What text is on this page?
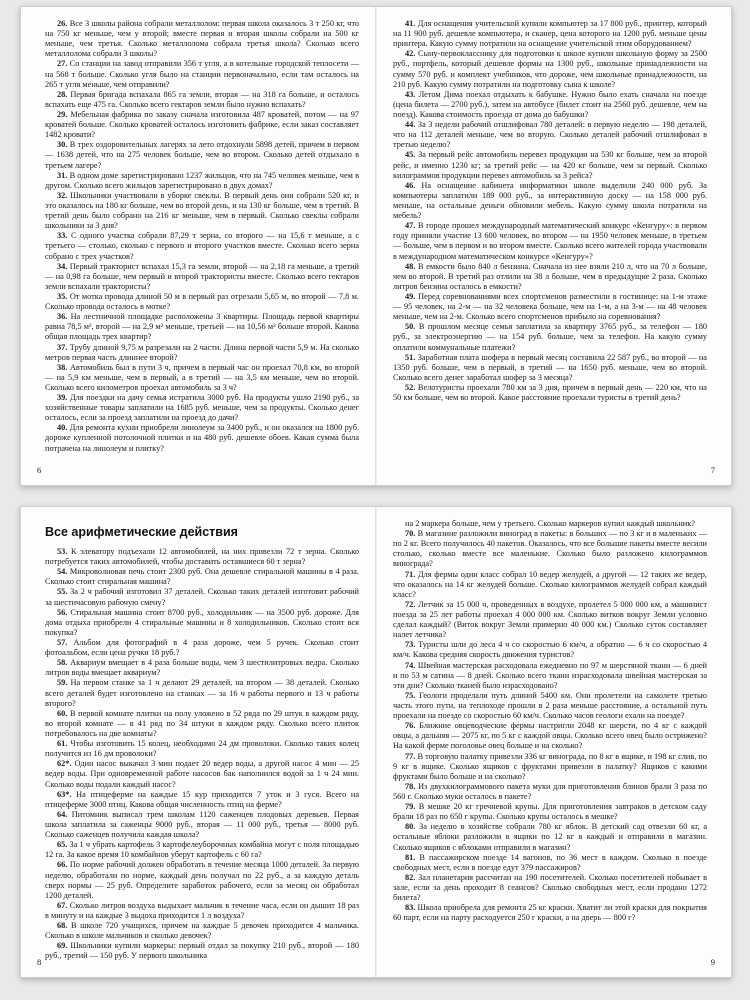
26. Все 3 школы района собрали металлолом: первая школа оказалось 3 т 250 кг, что на 750 кг меньше, чем у второй; вместе первая и вторая школы собрали на 500 кг меньше, чем третья. Сколько металлолома собрала третья школа? Сколько всего металлолома собрали 3 школы?

27. Со станции на завод отправили 356 т угля, а в котельные городской теплосети — на 568 т больше. Сколько угля было на станции первоначально, если там осталось на 265 т угля меньше, чем отправили?

28. Первая бригада вспахала 865 га земли, вторая — на 318 га больше, и осталось вспахать еще 475 га. Сколько всего гектаров земли было нужно вспахать?

29. Мебельная фабрика по заказу сначала изготовила 487 кроватей, потом — на 97 кроватей больше. Сколько кроватей осталось изготовить фабрике, если заказ составляет 1482 кровати?

30. В трех оздоровительных лагерях за лето отдохнули 5898 детей, причем в первом — 1638 детей, что на 275 человек больше, чем во втором. Сколько детей отдыхало в третьем лагере?

31. В одном доме зарегистрировано 1237 жильцов, что на 745 человек меньше, чем в другом. Сколько всего жильцов зарегистрировано в двух домах?

32. Школьники участвовали в уборке свеклы. В первый день они собрали 520 кг, и это оказалось на 180 кг больше, чем во второй день, и на 130 кг больше, чем в третий. В третий день было собрано на 216 кг меньше, чем в первый. Сколько свеклы собрали школьники за 3 дня?

33. С одного участка собрали 87,29 т зерна, со второго — на 15,6 т меньше, а с третьего — столько, сколько с первого и второго участков вместе. Сколько всего зерна собрано с трех участков?

34. Первый тракторист вспахал 15,3 га земли, второй — на 2,18 га меньше, а третий — на 0,98 га больше, чем первый и второй трактористы вместе. Сколько всего гектаров земли вспахали трактористы?

35. От мотка провода длиной 50 м в первый раз отрезали 5,65 м, во второй — 7,8 м. Сколько провода осталось в мотке?

36. На лестничной площадке расположены 3 квартиры. Площадь первой квартиры равна 78,5 м², второй — на 2,9 м² меньше, третьей — на 10,56 м² больше второй. Какова общая площадь трех квартир?

37. Трубу длиной 9,75 м разрезали на 2 части. Длина первой части 5,9 м. На сколько метров первая часть длиннее второй?

38. Автомобиль был в пути 3 ч, причем в первый час он проехал 70,8 км, во второй — на 5,9 км меньше, чем в первый, а в третий — на 3,5 км меньше, чем во второй. Сколько всего километров проехал автомобиль за 3 ч?

39. Для поездки на дачу семья истратила 3000 руб. На продукты ушло 2190 руб., за хозяйственные товары заплатили на 1685 руб. меньше, чем за продукты. Сколько денег осталось, если за проезд заплатили на проезд до дачи?

40. Для ремонта кухни приобрели линолеум за 3400 руб., и он оказался на 1800 руб. дороже купленной потолочной плитки и на 480 руб. дешевле обоев. Какая сумма была потрачена на линолеум и плитку?

6

41. Для оснащения учительской купили компьютер за 17 800 руб., принтер, который на 11 900 руб. дешевле компьютера, и сканер, цена которого на 1200 руб. меньше цены принтера. Какую сумму потратили на оснащение учительской этим оборудованием?

42. Сыну-первокласснику для подготовки к школе купили школьную форму за 2500 руб., портфель, который дешевле формы на 1300 руб., школьные принадлежности на сумму 570 руб. и комплект учебников, что дороже, чем школьные принадлежности, на 210 руб. Какую сумму потратили на подготовку сына к школе?

43. Летом Дима поехал отдыхать к бабушке. Нужно было ехать сначала на поезде (цена билета — 2700 руб.), затем на автобусе (билет стоит на 2560 руб. дешевле, чем на поезд). Какова стоимость проезда от дома до бабушки?

44. За 3 недели рабочий отшлифовал 780 деталей: в первую неделю — 198 деталей, что на 112 деталей меньше, чем во вторую. Сколько деталей рабочий отшлифовал в третью неделю?

45. За первый рейс автомобиль перевез продукции на 530 кг больше, чем за второй рейс, и именно 1230 кг; за третий рейс — на 420 кг больше, чем за первый. Сколько килограммов продукции перевез автомобиль за 3 рейса?

46. На оснащение кабинета информатики школе выделили 240 000 руб. За компьютеры заплатили 189 000 руб., за интерактивную доску — на 158 000 руб. меньше, на остальные деньги обновили мебель. Какую сумму школа потратила на мебель?

47. В городе прошел международный математический конкурс «Кенгуру»: в первом году приняли участие 13 600 человек, во втором — на 1950 человек меньше, в третьем — больше, чем в первом и во втором вместе. Сколько всего жителей города участвовали в международном математическом конкурсе «Кенгуру»?

48. В емкости было 840 л бензина. Сначала из нее взяли 210 л, что на 70 л больше, чем во второй. В третий раз отлили на 38 л больше, чем в предыдущие 2 раза. Сколько литров бензина осталось в емкости?

49. Перед соревнованиями всех спортсменов разместили в гостинице: на 1-м этаже — 95 человек, на 2-м — на 32 человека больше, чем на 1-м, а на 3-м — на 48 человек меньше, чем на 2-м. Сколько всего спортсменов прибыло на соревнования?

50. В прошлом месяце семья заплатила за квартиру 3765 руб., за телефон — 180 руб., за электроэнергию — на 154 руб. больше, чем за телефон. На какую сумму оплатили коммунальные платежи?

51. Заработная плата шофера в первый месяц составила 22 587 руб., во второй — на 1350 руб. больше, чем в первый, в третий — на 1650 руб. меньше, чем во второй. Сколько всего денег заработал шофер за 3 месяца?

52. Велотуристы проехали 780 км за 3 дня, причем в первый день — 220 км, что на 50 км больше, чем во второй. Какое расстояние проехали туристы в третий день?

7
Все арифметические действия

53. К элеватору подъехали 12 автомобилей, на них привезли 72 т зерна. Сколько потребуется таких автомобилей, чтобы доставить оставшиеся 60 т зерна?

54. Микроволновая печь стоит 2300 руб. Она дешевле стиральной машины в 4 раза. Сколько стоит стиральная машина?

55. За 2 ч рабочий изготовил 37 деталей. Сколько таких деталей изготовит рабочий за шестичасовую рабочую смену?

56. Стиральная машина стоит 8700 руб., холодильник — на 3500 руб. дороже. Для дома отдыха приобрели 4 стиральные машины и 8 холодильников. Сколько стоит вся покупка?

57. Альбом для фотографий в 4 раза дороже, чем 5 ручек. Сколько стоит фотоальбом, если цена ручки 18 руб.?

58. Аквариум вмещает в 4 раза больше воды, чем 3 шестилитровых ведра. Сколько литров воды вмещает аквариум?

59. На первом станке за 1 ч делают 29 деталей, на втором — 38 деталей. Сколько всего деталей будет изготовлено на станках — за 16 ч работы первого и 13 ч работы второго?

60. В первой комнате плитки на полу уложено в 52 ряда по 29 штук в каждом ряду, во второй комнате — в 41 ряд по 34 штуки в каждом ряду. Сколько всего плиток потребовалось на две комнаты?

61. Чтобы изготовить 15 колец, необходимо 24 дм проволоки. Сколько таких колец получится из 16 дм проволоки?

62*. Один насос выкачал 3 мин подает 20 ведер воды, а другой насос 4 мин — 25 ведер воды. При одновременной работе насосов бак наполнился водой за 1 ч 24 мин. Сколько воды подали каждый насос?

63*. На птицеферме на каждые 15 кур приходится 7 уток и 3 гуся. Всего на птицеферме 3000 птиц. Какова общая численность птиц на ферме?

64. Питомник выписал трем школам 1120 саженцев плодовых деревьев. Первая школа заплатила за саженцы 9000 руб., вторая — 11 000 руб., третья — 8000 руб. Сколько саженцев получила каждая школа?

65. За 1 ч убрать картофель 3 картофелеуборочных комбайна могут с поля площадью 12 га. За какое время 10 комбайнов уберут картофель с 60 га?

66. По норме рабочий должен обработать в течение месяца 1000 деталей. За первую неделю, обработали по норме, каждый день получал по 22 руб., а за каждую деталь сверх нормы — 25 руб. Определите заработок рабочего, если за месяц он обработал 1200 деталей.

67. Сколько литров воздуха выдыхает мальчик в течение часа, если он дышит 18 раз в минуту и на каждые 3 выдоха приходится 1 л воздуха?

68. В школе 720 учащихся, причем на каждые 5 девочек приходится 4 мальчика. Сколько в школе мальчиков и сколько девочек?

69. Школьники купили маркеры: первый отдал за покупку 210 руб., второй — 180 руб., третий — 150 руб. У первого школьника

8

на 2 маркера больше, чем у третьего. Сколько маркеров купил каждый школьник?

70. В магазине разложили виноград в пакеты: в больших — по 3 кг и в маленьких — по 2 кг. Всего получилось 40 пакетов. Оказалось, что все большие пакеты вместе весили столько, сколько вместе все маленькие. Сколько было разложено килограммов винограда?

71. Для фермы один класс собрал 10 ведер желудей, а другой — 12 таких же ведер, что оказалось на 14 кг желудей больше. Сколько килограммов желудей собрал каждый класс?

72. Летчик за 15 000 ч, проведенных в воздухе, пролетел 5 000 000 км, а машинист поезда за 25 лет работы проехал 4 000 000 км. Сколько витков вокруг Земли условно сделал каждый? (Виток вокруг Земли примерно 40 000 км.) Сколько суток составляет налет летчика?

73. Туристы шли до леса 4 ч со скоростью 6 км/ч, а обратно — 6 ч со скоростью 4 км/ч. Какова средняя скорость движения туристов?

74. Швейная мастерская расходовала ежедневно по 97 м шерстяной ткани — 6 дней и по 53 м сатина — 8 дней. Сколько всего ткани израсходовала швейная мастерская за эти дни? Сколько тканей было израсходовано?

75. Геологи проделали путь длиной 5400 км. Они пролетели на самолете третью часть этого пути, на теплоходе прошли в 2 раза меньше расстояние, а остальной путь проехали на поезде со скоростью 60 км/ч. Сколько часов геологи ехали на поезде?

76. Ближние овцеводческие фермы настригли 2048 кг шерсти, по 4 кг с каждой овцы, а дальняя — 2075 кг, по 5 кг с каждой овцы. Сколько всего овец было острижено? На какой ферме поголовье овец больше и на сколько?

77. В торговую палатку привезли 336 кг винограда, по 8 кг в ящике, и 198 кг слив, по 9 кг в ящике. Сколько ящиков с фруктами привезли в палатку? Ящиков с какими фруктами было больше и на сколько?

78. Из двухкилограммового пакета муки для приготовления блинов брали 3 раза по 560 г. Сколько муки осталось в пакете?

79. В мешке 20 кг гречневой крупы. Для приготовления завтраков в детском саду брали 18 раз по 650 г крупы. Сколько крупы осталось в мешке?

80. За неделю в хозяйстве собрали 780 кг яблок. В детский сад отвезли 60 кг, а остальные яблоки разложили в ящики по 12 кг в каждый и отправили в магазин. Сколько ящиков с яблоками отправили в магазин?

81. В пассажирском поезде 14 вагонов, по 36 мест в каждом. Сколько в поезде свободных мест, если в поезде едут 379 пассажиров?

82. Зал планетария рассчитан на 190 посетителей. Сколько посетителей побывает в зале, если за день проходит 8 сеансов? Сколько свободных мест, если продано 1272 билета?

83. Школа приобрела для ремонта 25 кг краски. Хватит ли этой краски для покрытия 60 парт, если на парту расходуется 250 г краски, а на дверь — 800 г?

9
